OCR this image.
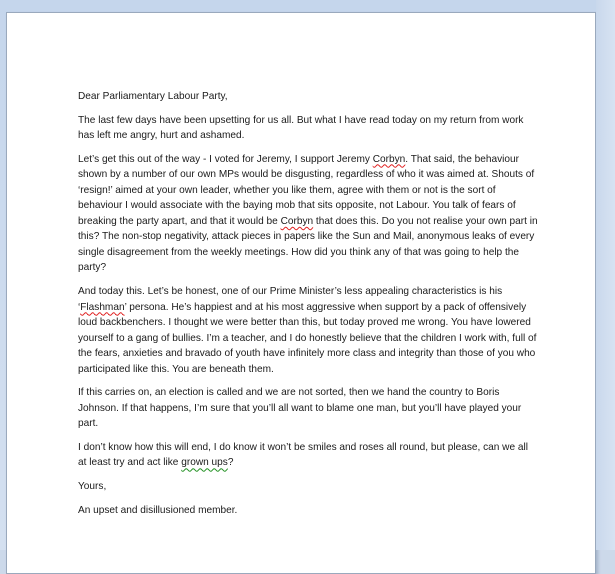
Dear Parliamentary Labour Party,

The last few days have been upsetting for us all. But what I have read today on my return from work has left me angry, hurt and ashamed.

Let’s get this out of the way - I voted for Jeremy, I support Jeremy Corbyn. That said, the behaviour shown by a number of our own MPs would be disgusting, regardless of who it was aimed at. Shouts of ‘resign!’ aimed at your own leader, whether you like them, agree with them or not is the sort of behaviour I would associate with the baying mob that sits opposite, not Labour. You talk of fears of breaking the party apart, and that it would be Corbyn that does this. Do you not realise your own part in this? The non-stop negativity, attack pieces in papers like the Sun and Mail, anonymous leaks of every single disagreement from the weekly meetings. How did you think any of that was going to help the party?

And today this. Let’s be honest, one of our Prime Minister’s less appealing characteristics is his ‘Flashman’ persona. He’s happiest and at his most aggressive when support by a pack of offensively loud backbenchers. I thought we were better than this, but today proved me wrong. You have lowered yourself to a gang of bullies. I’m a teacher, and I do honestly believe that the children I work with, full of the fears, anxieties and bravado of youth have infinitely more class and integrity than those of you who participated like this. You are beneath them.

If this carries on, an election is called and we are not sorted, then we hand the country to Boris Johnson. If that happens, I’m sure that you’ll all want to blame one man, but you’ll have played your part.

I don’t know how this will end, I do know it won’t be smiles and roses all round, but please, can we all at least try and act like grown ups?

Yours,

An upset and disillusioned member.
